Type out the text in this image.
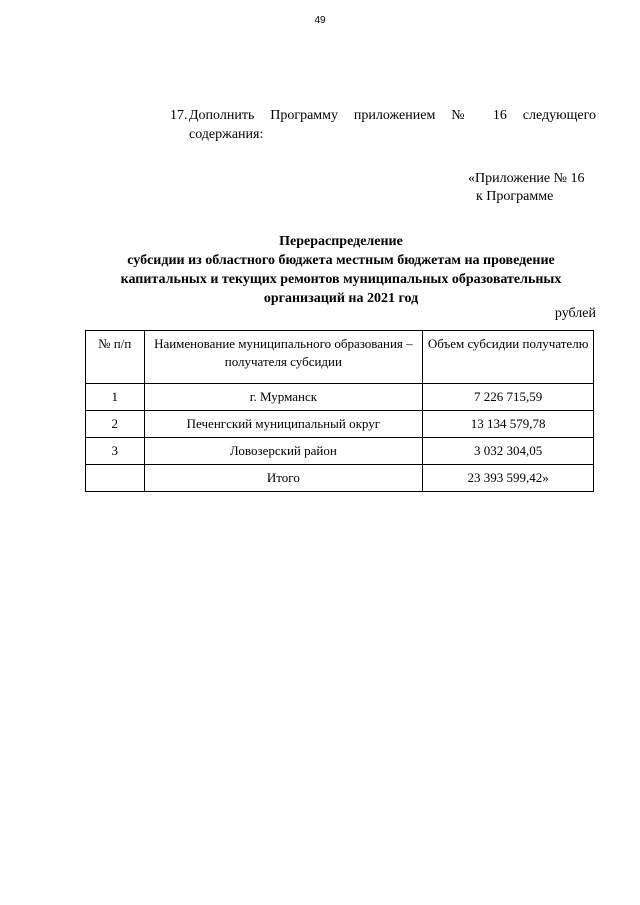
49
17. Дополнить Программу приложением № 16 следующего
содержания:
«Приложение № 16
к Программе
Перераспределение
субсидии из областного бюджета местным бюджетам на проведение
капитальных и текущих ремонтов муниципальных образовательных
организаций на 2021 год
рублей
№ п/п	Наименование муниципального образования – получателя субсидии	Объем субсидии получателю
1	г. Мурманск	7 226 715,59
2	Печенгский муниципальный округ	13 134 579,78
3	Ловозерский район	3 032 304,05
	Итого	23 393 599,42»
